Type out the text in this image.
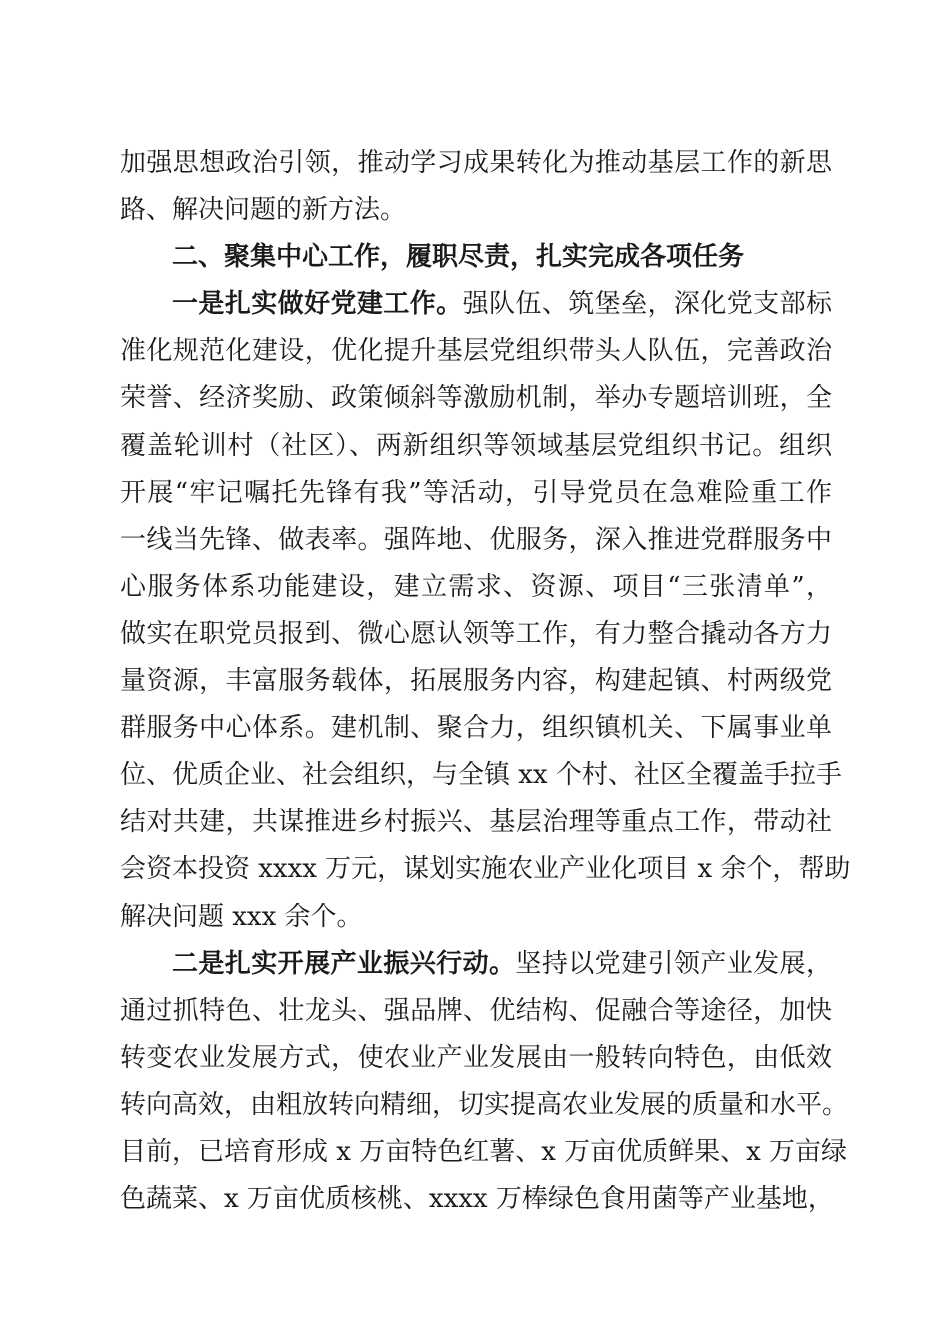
加强思想政治引领，推动学习成果转化为推动基层工作的新思
路、解决问题的新方法。
二、聚集中心工作，履职尽责，扎实完成各项任务
一是扎实做好党建工作。强队伍、筑堡垒，深化党支部标
准化规范化建设，优化提升基层党组织带头人队伍，完善政治
荣誉、经济奖励、政策倾斜等激励机制，举办专题培训班，全
覆盖轮训村（社区）、两新组织等领域基层党组织书记。组织
开展“牢记嘱托先锋有我”等活动，引导党员在急难险重工作
一线当先锋、做表率。强阵地、优服务，深入推进党群服务中
心服务体系功能建设，建立需求、资源、项目“三张清单”，
做实在职党员报到、微心愿认领等工作，有力整合撬动各方力
量资源，丰富服务载体，拓展服务内容，构建起镇、村两级党
群服务中心体系。建机制、聚合力，组织镇机关、下属事业单
位、优质企业、社会组织，与全镇 xx 个村、社区全覆盖手拉手
结对共建，共谋推进乡村振兴、基层治理等重点工作，带动社
会资本投资 xxxx 万元，谋划实施农业产业化项目 x 余个，帮助
解决问题 xxx 余个。
二是扎实开展产业振兴行动。坚持以党建引领产业发展，
通过抓特色、壮龙头、强品牌、优结构、促融合等途径，加快
转变农业发展方式，使农业产业发展由一般转向特色，由低效
转向高效，由粗放转向精细，切实提高农业发展的质量和水平。
目前，已培育形成 x 万亩特色红薯、x 万亩优质鲜果、x 万亩绿
色蔬菜、x 万亩优质核桃、xxxx 万棒绿色食用菌等产业基地，
